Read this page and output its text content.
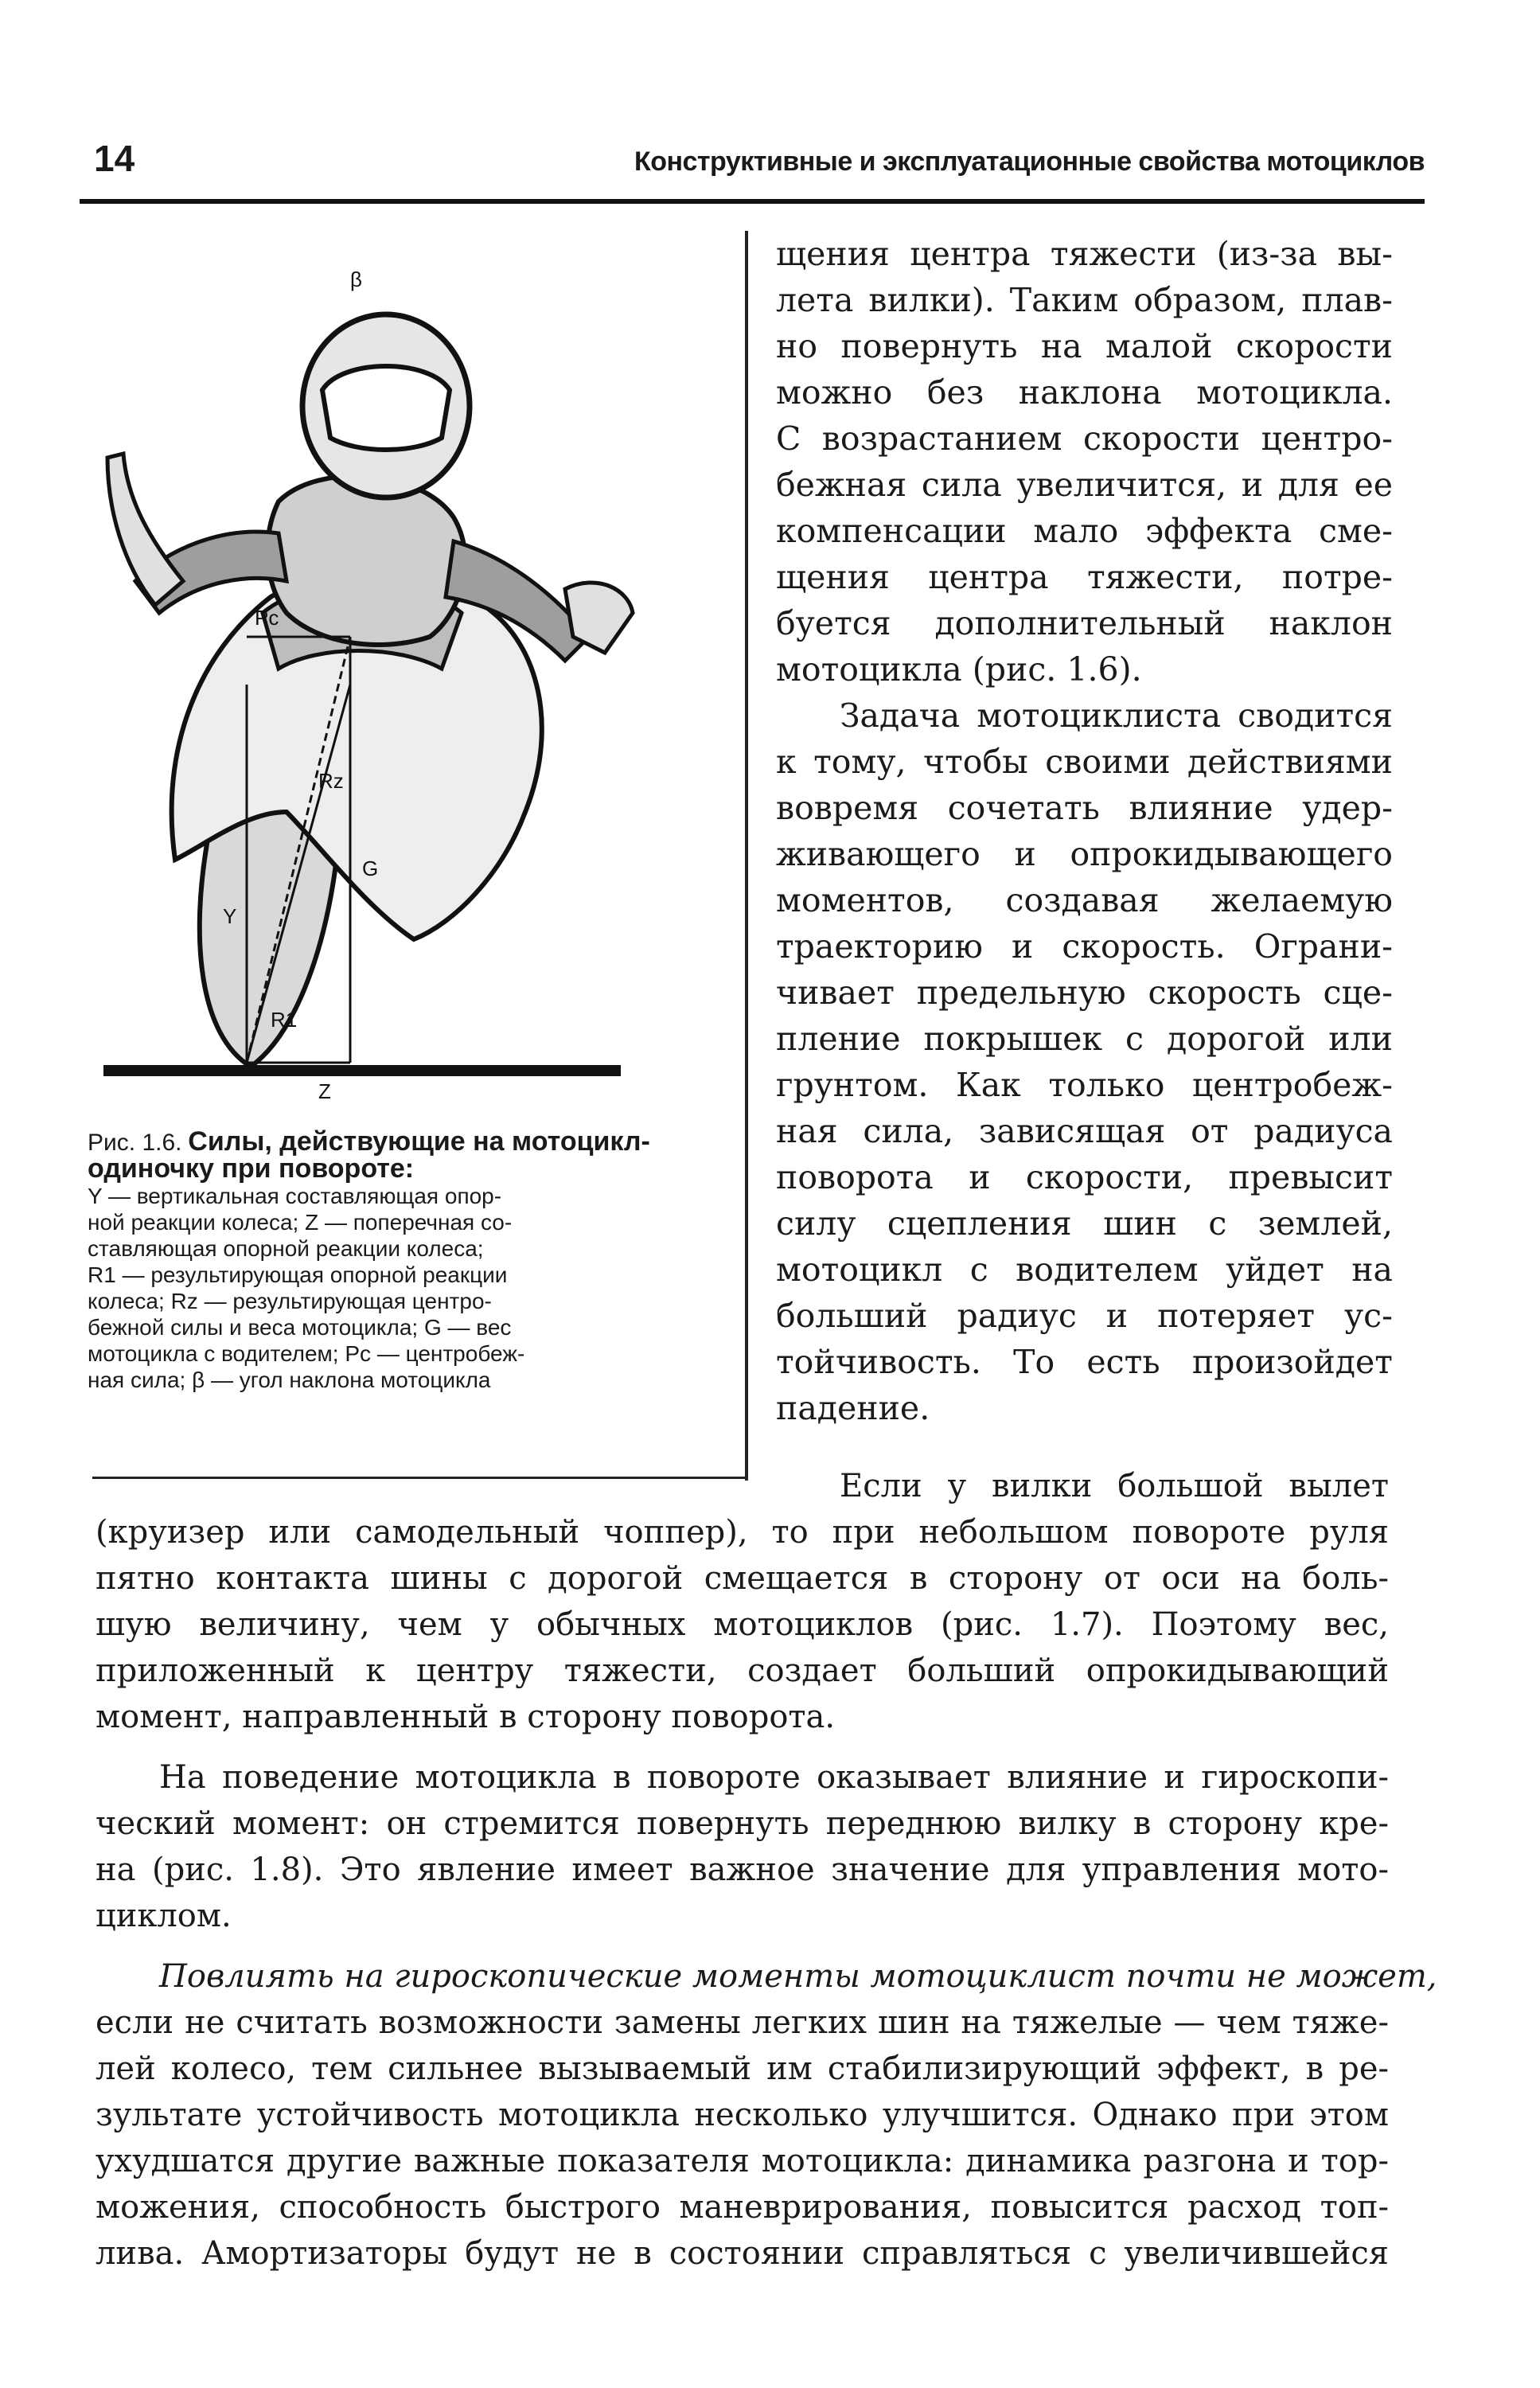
14	Конструктивные и эксплуатационные свойства мотоциклов
β
Pc
Rz
G
Y
R1
Z
Рис. 1.6. Силы, действующие на мотоцикл-одиночку при повороте:
Y — вертикальная составляющая опор-
ной реакции колеса; Z — поперечная со-
ставляющая опорной реакции колеса;
R1 — результирующая опорной реакции
колеса; Rz — результирующая центро-
бежной силы и веса мотоцикла; G — вес
мотоцикла с водителем; Pc — центробеж-
ная сила; β — угол наклона мотоцикла

щения центра тяжести (из-за вы-
лета вилки). Таким образом, плав-
но повернуть на малой скорости
можно без наклона мотоцикла.
С возрастанием скорости центро-
бежная сила увеличится, и для ее
компенсации мало эффекта сме-
щения центра тяжести, потре-
буется дополнительный наклон
мотоцикла (рис. 1.6).

Задача мотоциклиста сводится
к тому, чтобы своими действиями
вовремя сочетать влияние удер-
живающего и опрокидывающего
моментов, создавая желаемую
траекторию и скорость. Ограни-
чивает предельную скорость сце-
пление покрышек с дорогой или
грунтом. Как только центробеж-
ная сила, зависящая от радиуса
поворота и скорости, превысит
силу сцепления шин с землей,
мотоцикл с водителем уйдет на
больший радиус и потеряет ус-
тойчивость. То есть произойдет
падение.

Если у вилки большой вылет
(круизер или самодельный чоппер), то при небольшом повороте руля
пятно контакта шины с дорогой смещается в сторону от оси на боль-
шую величину, чем у обычных мотоциклов (рис. 1.7). Поэтому вес,
приложенный к центру тяжести, создает больший опрокидывающий
момент, направленный в сторону поворота.

На поведение мотоцикла в повороте оказывает влияние и гироскопи-
ческий момент: он стремится повернуть переднюю вилку в сторону кре-
на (рис. 1.8). Это явление имеет важное значение для управления мото-
циклом.

Повлиять на гироскопические моменты мотоциклист почти не может,
если не считать возможности замены легких шин на тяжелые — чем тяже-
лей колесо, тем сильнее вызываемый им стабилизирующий эффект, в ре-
зультате устойчивость мотоцикла несколько улучшится. Однако при этом
ухудшатся другие важные показателя мотоцикла: динамика разгона и тор-
можения, способность быстрого маневрирования, повысится расход топ-
лива. Амортизаторы будут не в состоянии справляться с увеличившейся
